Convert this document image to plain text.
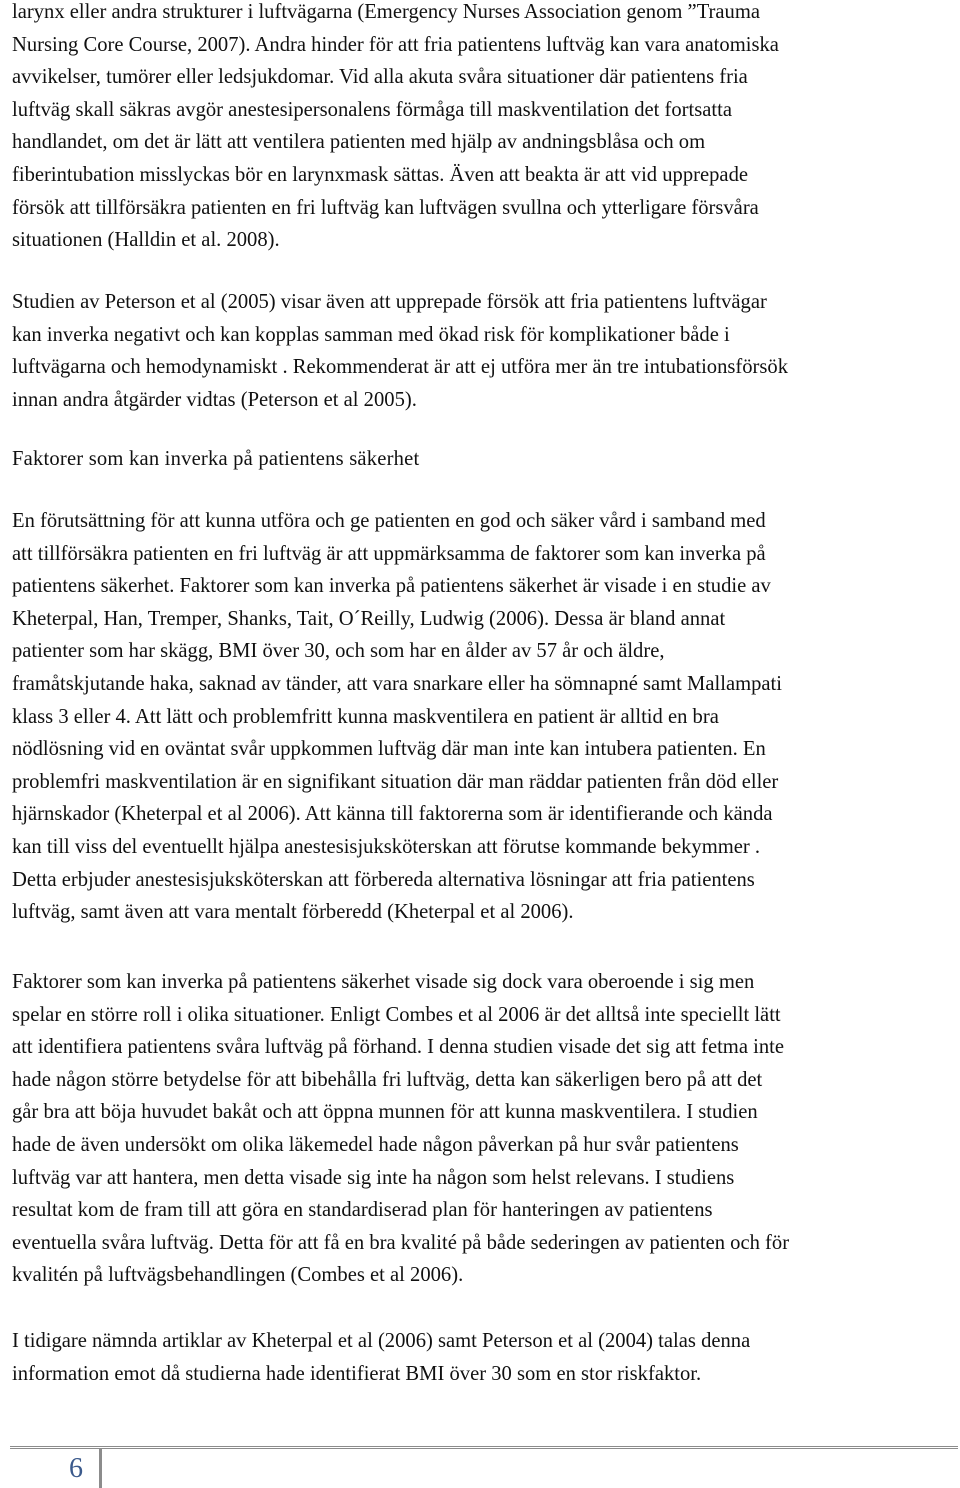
larynx eller andra strukturer i luftvägarna (Emergency Nurses Association genom ”Trauma
Nursing Core Course, 2007). Andra hinder för att fria patientens luftväg kan vara anatomiska
avvikelser, tumörer eller ledsjukdomar. Vid alla akuta svåra situationer där patientens fria
luftväg skall säkras avgör anestesipersonalens förmåga till maskventilation det fortsatta
handlandet, om det är lätt att ventilera patienten med hjälp av andningsblåsa och om
fiberintubation misslyckas bör en larynxmask sättas. Även att beakta är att vid upprepade
försök att tillförsäkra patienten en fri luftväg kan luftvägen svullna och ytterligare försvåra
situationen (Halldin et al. 2008).

Studien av Peterson et al (2005) visar även att upprepade försök att fria patientens luftvägar
kan inverka negativt och kan kopplas samman med ökad risk för komplikationer både i
luftvägarna och hemodynamiskt . Rekommenderat är att ej utföra mer än tre intubationsförsök
innan andra åtgärder vidtas (Peterson et al 2005).

Faktorer som kan inverka på patientens säkerhet

En förutsättning för att kunna utföra och ge patienten en god och säker vård i samband med
att tillförsäkra patienten en fri luftväg är att uppmärksamma de faktorer som kan inverka på
patientens säkerhet. Faktorer som kan inverka på patientens säkerhet är visade i en studie av
Kheterpal, Han, Tremper, Shanks, Tait, O´Reilly, Ludwig (2006). Dessa är bland annat
patienter som har skägg, BMI över 30, och som har en ålder av 57 år och äldre,
framåtskjutande haka, saknad av tänder, att vara snarkare eller ha sömnapné samt Mallampati
klass 3 eller 4. Att lätt och problemfritt kunna maskventilera en patient är alltid en bra
nödlösning vid en oväntat svår uppkommen luftväg där man inte kan intubera patienten. En
problemfri maskventilation är en signifikant situation där man räddar patienten från död eller
hjärnskador (Kheterpal et al 2006). Att känna till faktorerna som är identifierande och kända
kan till viss del eventuellt hjälpa anestesisjuksköterskan att förutse kommande bekymmer .
Detta erbjuder anestesisjuksköterskan att förbereda alternativa lösningar att fria patientens
luftväg, samt även att vara mentalt förberedd (Kheterpal et al 2006).

Faktorer som kan inverka på patientens säkerhet visade sig dock vara oberoende i sig men
spelar en större roll i olika situationer. Enligt Combes et al 2006 är det alltså inte speciellt lätt
att identifiera patientens svåra luftväg på förhand. I denna studien visade det sig att fetma inte
hade någon större betydelse för att bibehålla fri luftväg, detta kan säkerligen bero på att det
går bra att böja huvudet bakåt och att öppna munnen för att kunna maskventilera. I studien
hade de även undersökt om olika läkemedel hade någon påverkan på hur svår patientens
luftväg var att hantera, men detta visade sig inte ha någon som helst relevans. I studiens
resultat kom de fram till att göra en standardiserad plan för hanteringen av patientens
eventuella svåra luftväg. Detta för att få en bra kvalité på både sederingen av patienten och för
kvalitén på luftvägsbehandlingen (Combes et al 2006).

I tidigare nämnda artiklar av Kheterpal et al (2006) samt Peterson et al (2004) talas denna
information emot då studierna hade identifierat BMI över 30 som en stor riskfaktor.

6
